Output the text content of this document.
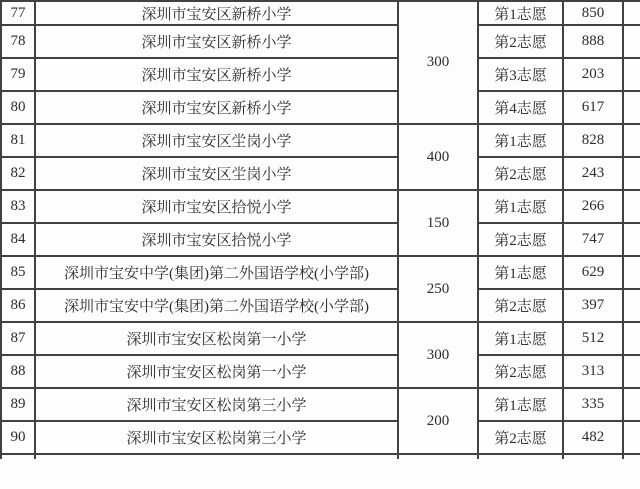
77	深圳市宝安区新桥小学	300	第1志愿	850	
78	深圳市宝安区新桥小学		第2志愿	888	
79	深圳市宝安区新桥小学		第3志愿	203	
80	深圳市宝安区新桥小学		第4志愿	617	
81	深圳市宝安区坣岗小学	400	第1志愿	828	
82	深圳市宝安区坣岗小学		第2志愿	243	
83	深圳市宝安区拾悦小学	150	第1志愿	266	
84	深圳市宝安区拾悦小学		第2志愿	747	
85	深圳市宝安中学(集团)第二外国语学校(小学部)	250	第1志愿	629	
86	深圳市宝安中学(集团)第二外国语学校(小学部)		第2志愿	397	
87	深圳市宝安区松岗第一小学	300	第1志愿	512	
88	深圳市宝安区松岗第一小学		第2志愿	313	
89	深圳市宝安区松岗第三小学	200	第1志愿	335	
90	深圳市宝安区松岗第三小学		第2志愿	482	
